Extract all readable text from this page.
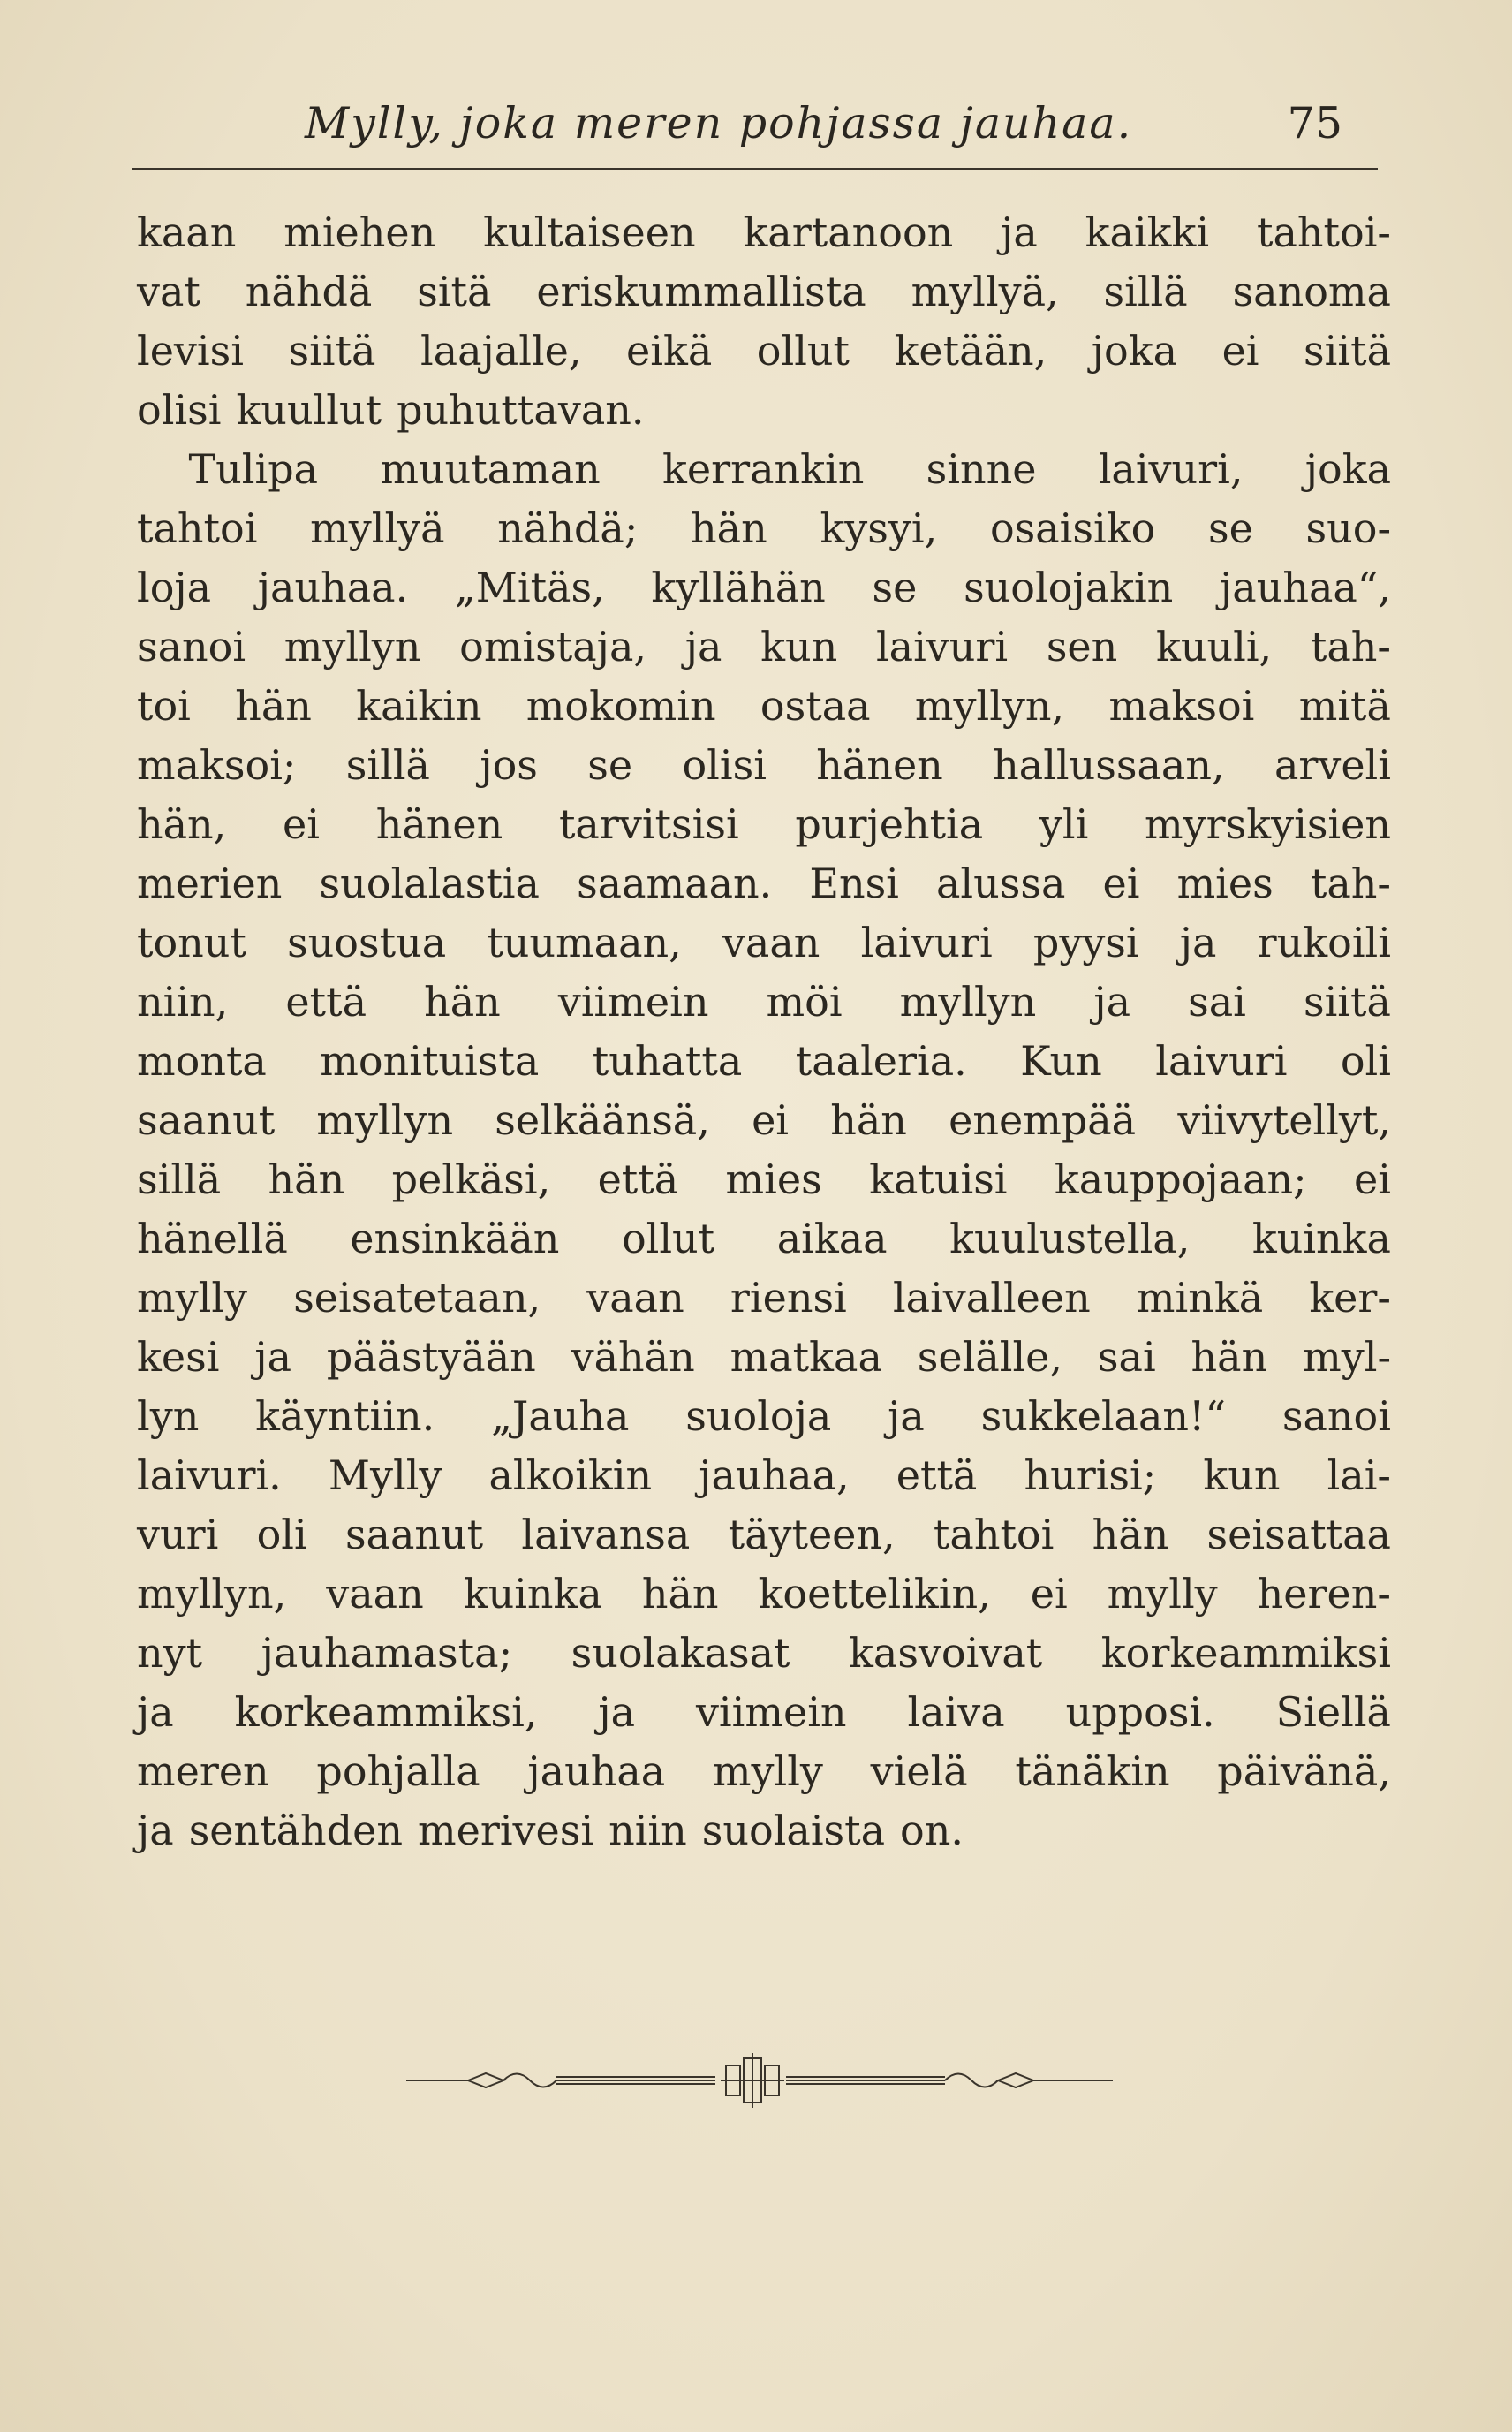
Mylly, joka meren pohjassa jauhaa.	75
kaan miehen kultaiseen kartanoon ja kaikki tahtoi-
vat nähdä sitä eriskummallista myllyä, sillä sanoma
levisi siitä laajalle, eikä ollut ketään, joka ei siitä
olisi kuullut puhuttavan.
Tulipa muutaman kerrankin sinne laivuri, joka
tahtoi myllyä nähdä; hän kysyi, osaisiko se suo-
loja jauhaa. „Mitäs, kyllähän se suolojakin jauhaa“,
sanoi myllyn omistaja, ja kun laivuri sen kuuli, tah-
toi hän kaikin mokomin ostaa myllyn, maksoi mitä
maksoi; sillä jos se olisi hänen hallussaan, arveli
hän, ei hänen tarvitsisi purjehtia yli myrskyisien
merien suolalastia saamaan. Ensi alussa ei mies tah-
tonut suostua tuumaan, vaan laivuri pyysi ja rukoili
niin, että hän viimein möi myllyn ja sai siitä
monta monituista tuhatta taaleria. Kun laivuri oli
saanut myllyn selkäänsä, ei hän enempää viivytellyt,
sillä hän pelkäsi, että mies katuisi kauppojaan; ei
hänellä ensinkään ollut aikaa kuulustella, kuinka
mylly seisatetaan, vaan riensi laivalleen minkä ker-
kesi ja päästyään vähän matkaa selälle, sai hän myl-
lyn käyntiin. „Jauha suoloja ja sukkelaan!“ sanoi
laivuri. Mylly alkoikin jauhaa, että hurisi; kun lai-
vuri oli saanut laivansa täyteen, tahtoi hän seisattaa
myllyn, vaan kuinka hän koettelikin, ei mylly heren-
nyt jauhamasta; suolakasat kasvoivat korkeammiksi
ja korkeammiksi, ja viimein laiva upposi. Siellä
meren pohjalla jauhaa mylly vielä tänäkin päivänä,
ja sentähden merivesi niin suolaista on.
